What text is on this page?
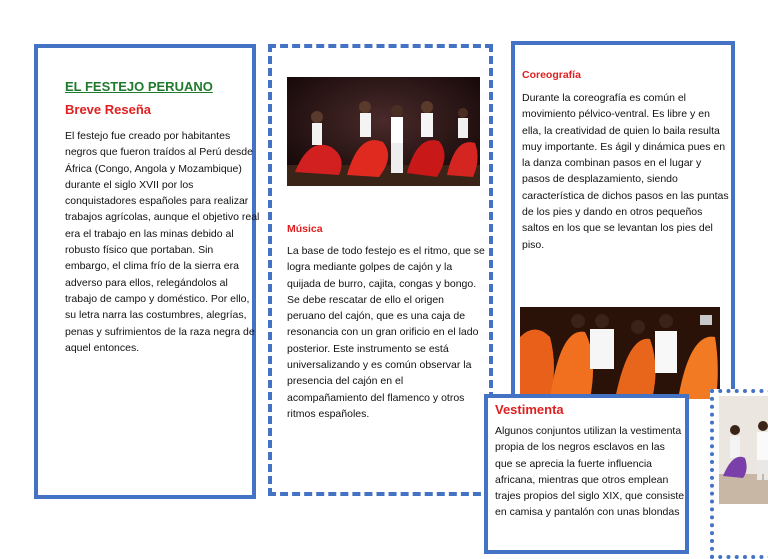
EL FESTEJO PERUANO
Breve Reseña

El festejo fue creado por habitantes negros que fueron traídos al Perú desde África (Congo, Angola y Mozambique) durante el siglo XVII por los conquistadores españoles para realizar trabajos agrícolas, aunque el objetivo real era el trabajo en las minas debido al robusto físico que portaban. Sin embargo, el clima frío de la sierra era adverso para ellos, relegándolos al trabajo de campo y doméstico. Por ello, su letra narra las costumbres, alegrías, penas y sufrimientos de la raza negra de aquel entonces.

Música

La base de todo festejo es el ritmo, que se logra mediante golpes de cajón y la quijada de burro, cajita, congas y bongo. Se debe rescatar de ello el origen peruano del cajón, que es una caja de resonancia con un gran orificio en el lado posterior. Este instrumento se está universalizando y es común observar la presencia del cajón en el acompañamiento del flamenco y otros ritmos españoles.

Coreografía

Durante la coreografía es común el movimiento pélvico-ventral. Es libre y en ella, la creatividad de quien lo baila resulta muy importante. Es ágil y dinámica pues en la danza combinan pasos en el lugar y pasos de desplazamiento, siendo característica de dichos pasos en las puntas de los pies y dando en otros pequeños saltos en los que se levantan los pies del piso.

Vestimenta

Algunos conjuntos utilizan la vestimenta propia de los negros esclavos en las que se aprecia la fuerte influencia africana, mientras que otros emplean trajes propios del siglo XIX, que consiste en camisa y pantalón con unas blondas
